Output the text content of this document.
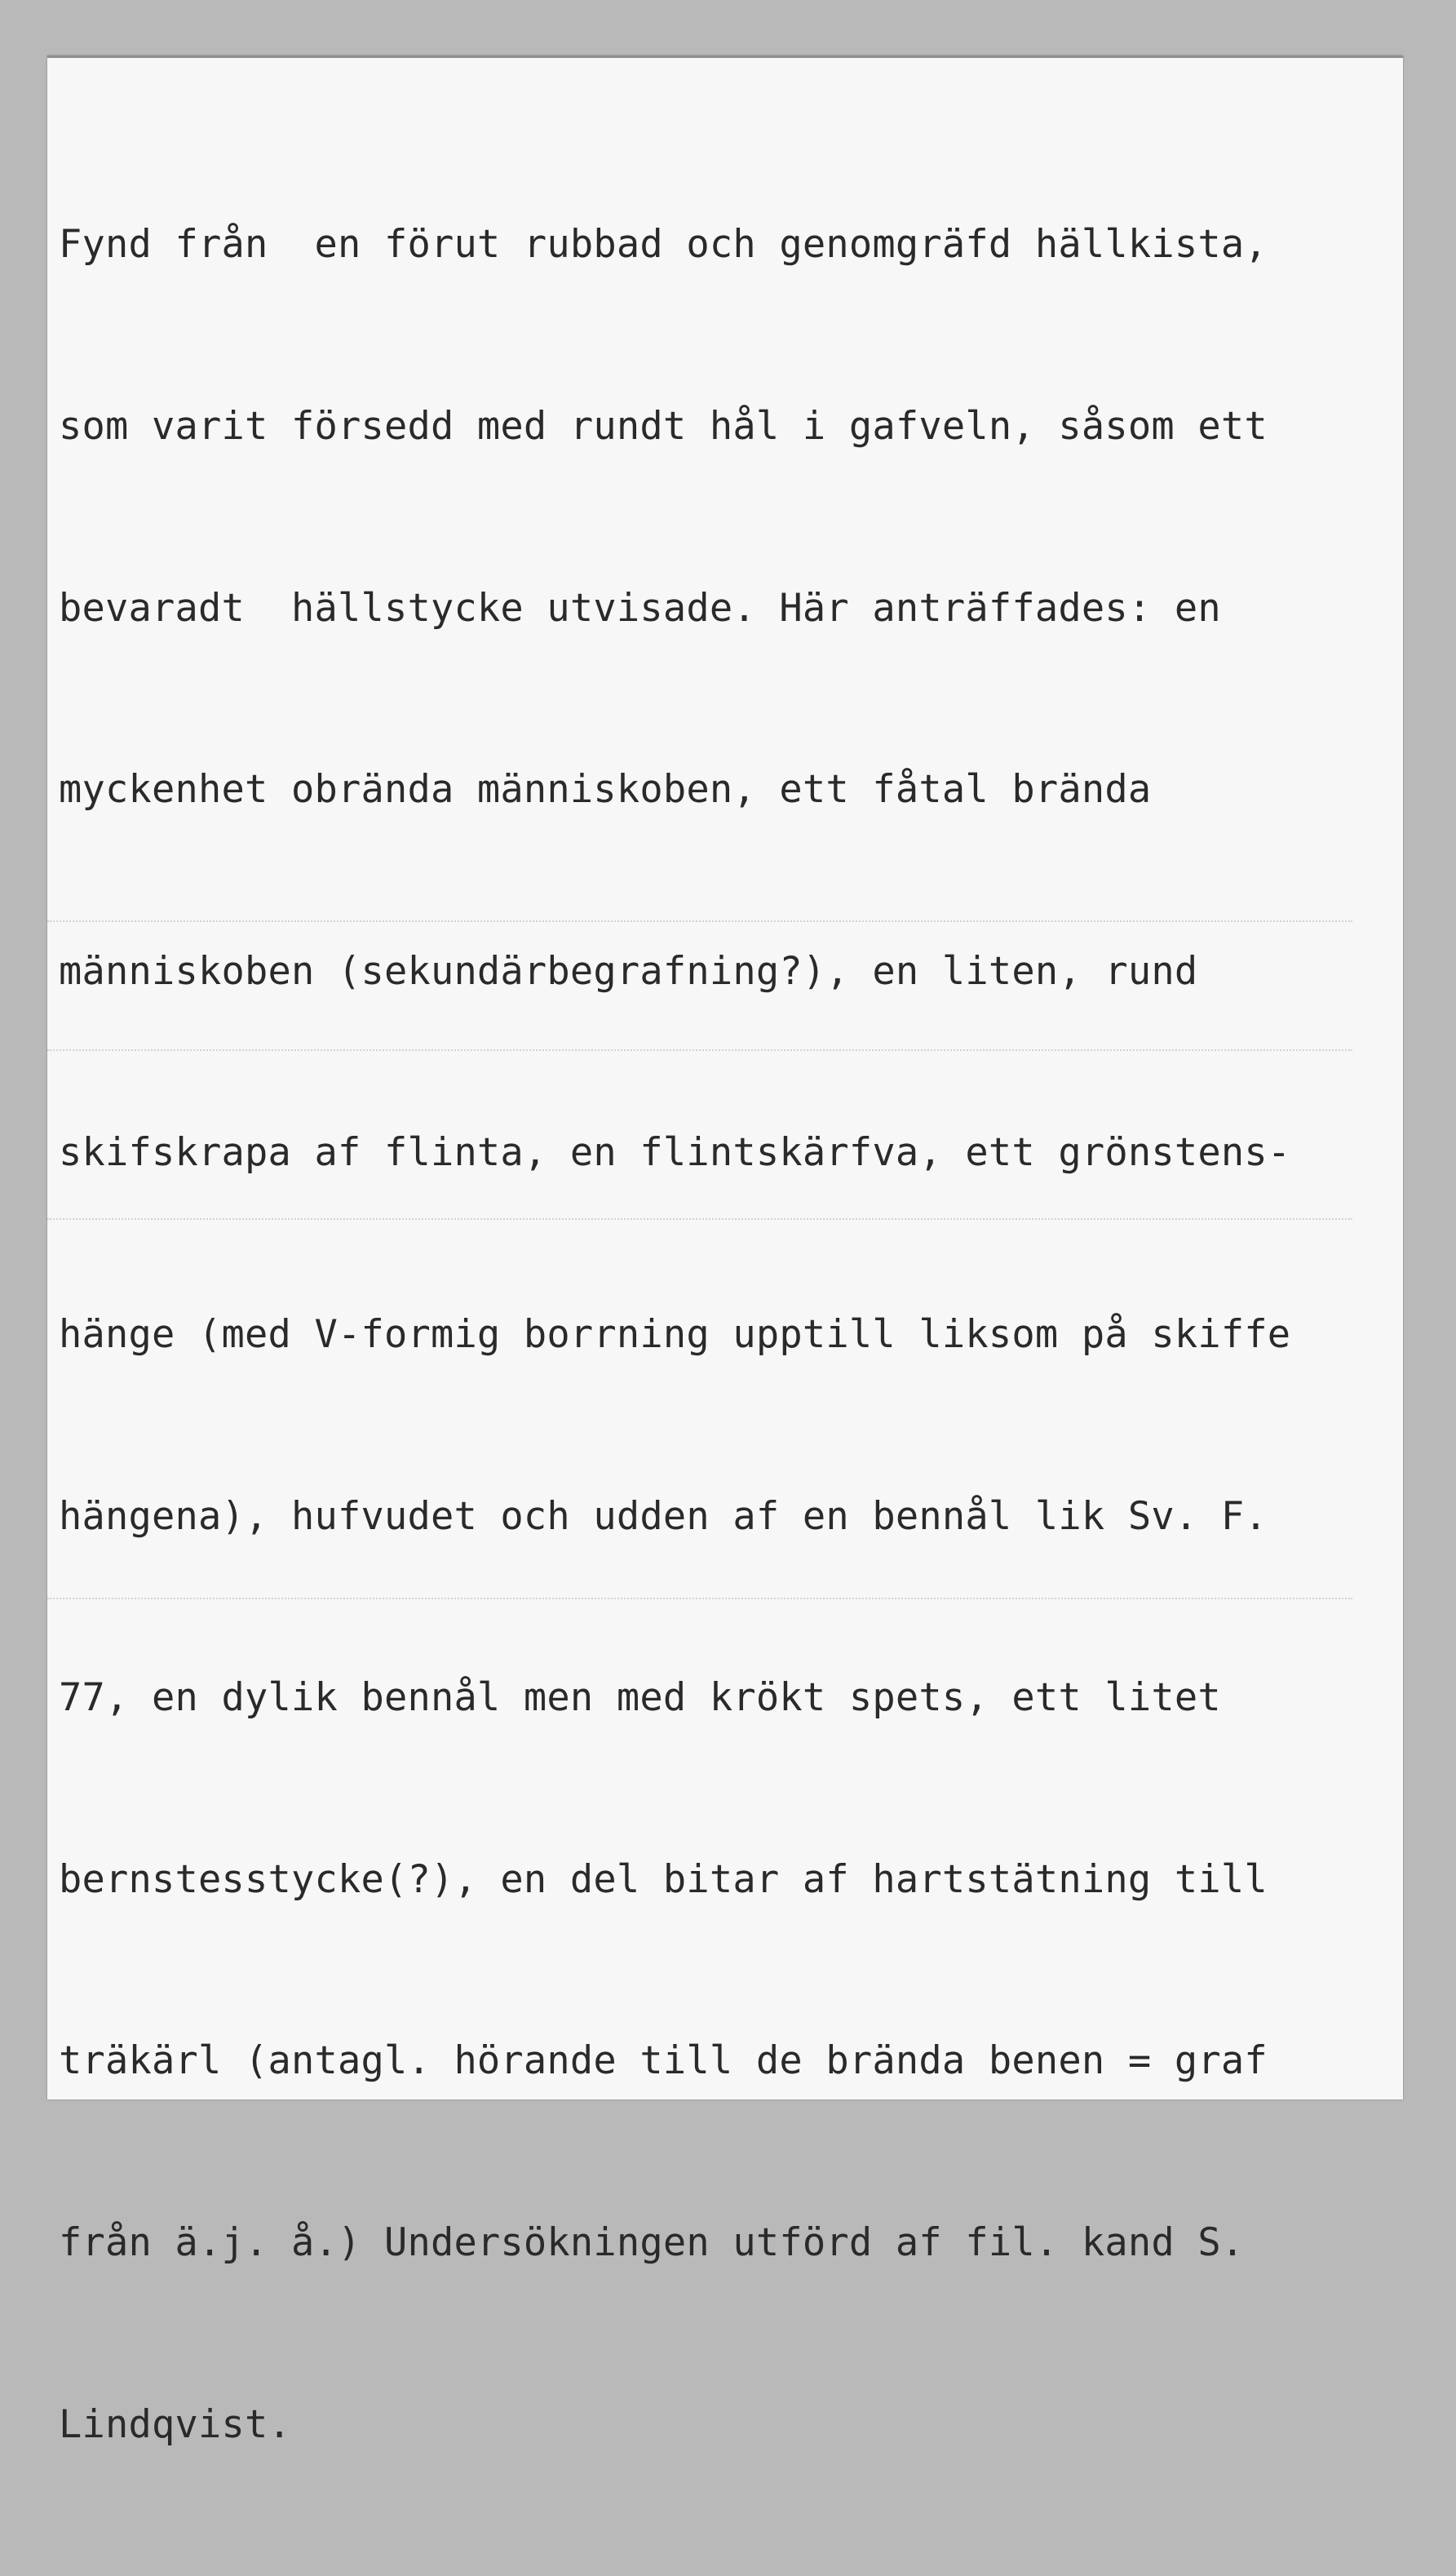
Fynd från  en förut rubbad och genomgräfd hällkista,

som varit försedd med rundt hål i gafveln, såsom ett

bevaradt  hällstycke utvisade. Här anträffades: en

myckenhet obrända människoben, ett fåtal brända

människoben (sekundärbegrafning?), en liten, rund

skifskrapa af flinta, en flintskärfva, ett grönstens-

hänge (med V-formig borrning upptill liksom på skiffe

hängena), hufvudet och udden af en bennål lik Sv. F.

77, en dylik bennål men med krökt spets, ett litet

bernstesstycke(?), en del bitar af hartstätning till

träkärl (antagl. hörande till de brända benen = graf

från ä.j. å.) Undersökningen utförd af fil. kand S.

Lindqvist.
